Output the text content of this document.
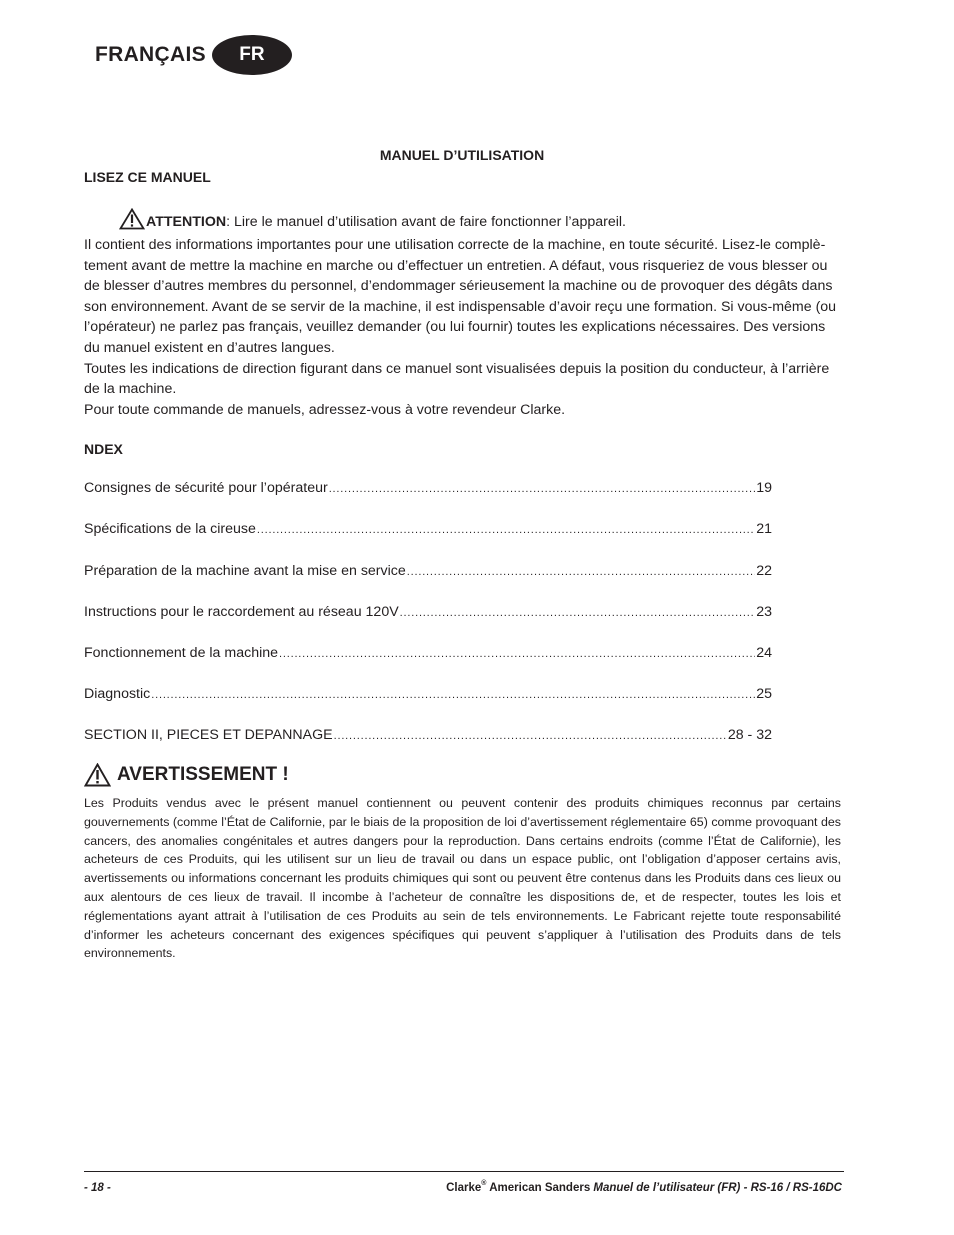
FRANÇAIS	FR
MANUEL D’UTILISATION
LISEZ CE MANUEL
ATTENTION: Lire le manuel d’utilisation avant de faire fonctionner l’appareil.

Il contient des informations importantes pour une utilisation correcte de la machine, en toute sécurité. Lisez-le complètement avant de mettre la machine en marche ou d’effectuer un entretien. A défaut, vous risqueriez de vous blesser ou de blesser d’autres membres du personnel, d’endommager sérieusement la machine ou de provoquer des dégâts dans son environnement. Avant de se servir de la machine, il est indispensable d’avoir reçu une formation. Si vous-même (ou l’opérateur) ne parlez pas français, veuillez demander (ou lui fournir) toutes les explications nécessaires. Des versions du manuel existent en d’autres langues.

Toutes les indications de direction figurant dans ce manuel sont visualisées depuis la position du conducteur, à l’arrière de la machine.

Pour toute commande de manuels, adressez-vous à votre revendeur Clarke.

NDEX
Consignes de sécurité pour l’opérateur .....	19
Spécifications de la cireuse .....	21
Préparation de la machine avant la mise en service .....	22
Instructions pour le raccordement au réseau 120V .....	23
Fonctionnement de la machine .....	24
Diagnostic .....	25
SECTION II, PIECES ET DEPANNAGE .....	28 - 32
AVERTISSEMENT !

Les Produits vendus avec le présent manuel contiennent ou peuvent contenir des produits chimiques reconnus par certains gouvernements (comme l’État de Californie, par le biais de la proposition de loi d’avertissement réglementaire 65) comme provoquant des cancers, des anomalies congénitales et autres dangers pour la reproduction. Dans certains endroits (comme l’État de Californie), les acheteurs de ces Produits, qui les utilisent sur un lieu de travail ou dans un espace public, ont l’obligation d’apposer certains avis, avertissements ou informations concernant les produits chimiques qui sont ou peuvent être contenus dans les Produits dans ces lieux ou aux alentours de ces lieux de travail. Il incombe à l’acheteur de connaître les dispositions de, et de respecter, toutes les lois et réglementations ayant attrait à l’utilisation de ces Produits au sein de tels environnements. Le Fabricant rejette toute responsabilité d’informer les acheteurs concernant des exigences spécifiques qui peuvent s’appliquer à l’utilisation des Produits dans de tels environnements.

- 18 -	Clarke® American Sanders Manuel de l’utilisateur (FR) - RS-16 / RS-16DC
